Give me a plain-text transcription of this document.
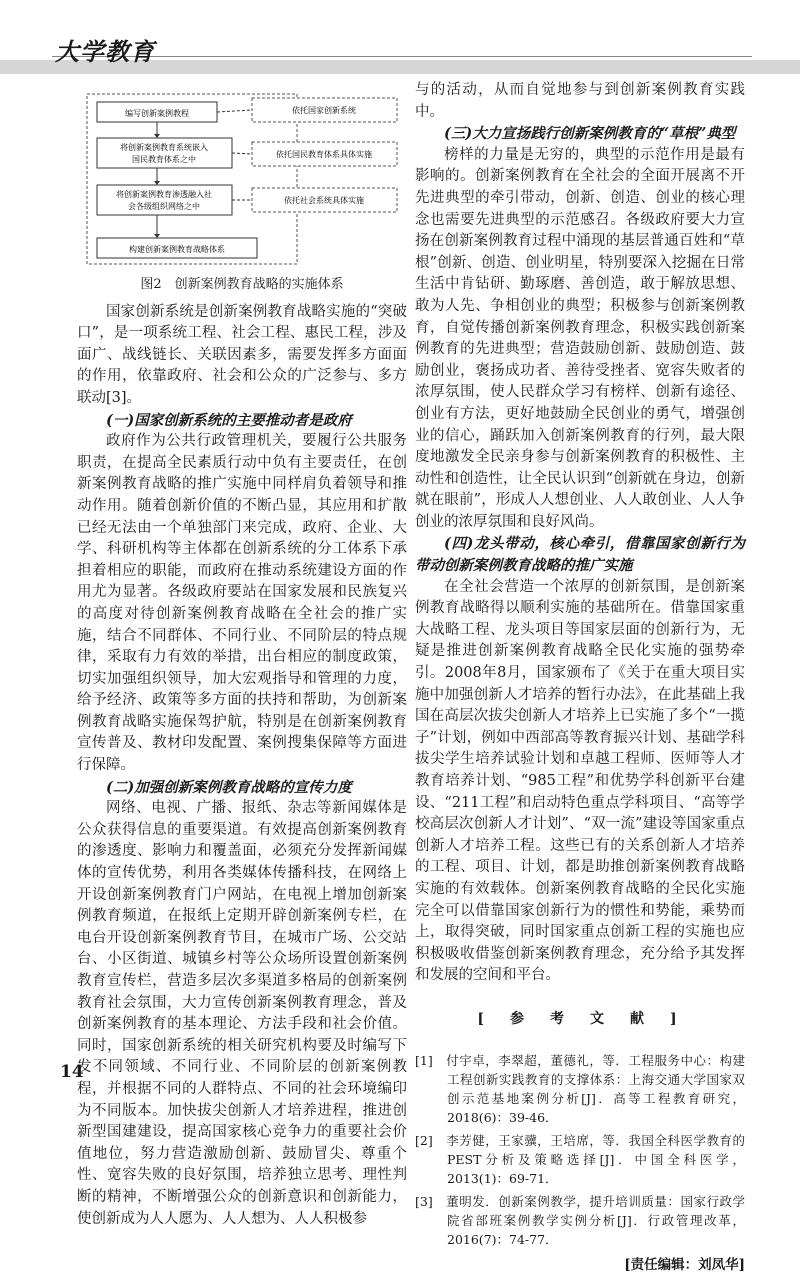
大学教育
编写创新案例教程
将创新案例教育系统嵌入
国民教育体系之中
将创新案例教育渗透融入社
会各级组织网络之中
构建创新案例教育战略体系
依托国家创新系统
依托国民教育体系具体实施
依托社会系统具体实施
图2　创新案例教育战略的实施体系

国家创新系统是创新案例教育战略实施的“突破口”，是一项系统工程、社会工程、惠民工程，涉及面广、战线链长、关联因素多，需要发挥多方面面的作用，依靠政府、社会和公众的广泛参与、多方联动[3]。

(一)国家创新系统的主要推动者是政府

政府作为公共行政管理机关，要履行公共服务职责，在提高全民素质行动中负有主要责任，在创新案例教育战略的推广实施中同样肩负着领导和推动作用。随着创新价值的不断凸显，其应用和扩散已经无法由一个单独部门来完成，政府、企业、大学、科研机构等主体都在创新系统的分工体系下承担着相应的职能，而政府在推动系统建设方面的作用尤为显著。各级政府要站在国家发展和民族复兴的高度对待创新案例教育战略在全社会的推广实施，结合不同群体、不同行业、不同阶层的特点规律，采取有力有效的举措，出台相应的制度政策，切实加强组织领导，加大宏观指导和管理的力度，给予经济、政策等多方面的扶持和帮助，为创新案例教育战略实施保驾护航，特别是在创新案例教育宣传普及、教材印发配置、案例搜集保障等方面进行保障。

(二)加强创新案例教育战略的宣传力度

网络、电视、广播、报纸、杂志等新闻媒体是公众获得信息的重要渠道。有效提高创新案例教育的渗透度、影响力和覆盖面，必须充分发挥新闻媒体的宣传优势，利用各类媒体传播科技，在网络上开设创新案例教育门户网站，在电视上增加创新案例教育频道，在报纸上定期开辟创新案例专栏，在电台开设创新案例教育节目，在城市广场、公交站台、小区街道、城镇乡村等公众场所设置创新案例教育宣传栏，营造多层次多渠道多格局的创新案例教育社会氛围，大力宣传创新案例教育理念，普及创新案例教育的基本理论、方法手段和社会价值。同时，国家创新系统的相关研究机构要及时编写下发不同领域、不同行业、不同阶层的创新案例教程，并根据不同的人群特点、不同的社会环境编印为不同版本。加快拔尖创新人才培养进程，推进创新型国建建设，提高国家核心竞争力的重要社会价值地位，努力营造激励创新、鼓励冒尖、尊重个性、宽容失败的良好氛围，培养独立思考、理性判断的精神，不断增强公众的创新意识和创新能力，使创新成为人人愿为、人人想为、人人积极参

与的活动，从而自觉地参与到创新案例教育实践中。

(三)大力宣扬践行创新案例教育的“草根”典型

榜样的力量是无穷的，典型的示范作用是最有影响的。创新案例教育在全社会的全面开展离不开先进典型的牵引带动，创新、创造、创业的核心理念也需要先进典型的示范感召。各级政府要大力宣扬在创新案例教育过程中涌现的基层普通百姓和“草根”创新、创造、创业明星，特别要深入挖掘在日常生活中肯钻研、勤琢磨、善创造，敢于解放思想、敢为人先、争相创业的典型；积极参与创新案例教育，自觉传播创新案例教育理念，积极实践创新案例教育的先进典型；营造鼓励创新、鼓励创造、鼓励创业，褒扬成功者、善待受挫者、宽容失败者的浓厚氛围，使人民群众学习有榜样、创新有途径、创业有方法，更好地鼓励全民创业的勇气，增强创业的信心，踊跃加入创新案例教育的行列，最大限度地激发全民亲身参与创新案例教育的积极性、主动性和创造性，让全民认识到“创新就在身边，创新就在眼前”，形成人人想创业、人人敢创业、人人争创业的浓厚氛围和良好风尚。

(四)龙头带动，核心牵引，借靠国家创新行为带动创新案例教育战略的推广实施

在全社会营造一个浓厚的创新氛围，是创新案例教育战略得以顺利实施的基础所在。借靠国家重大战略工程、龙头项目等国家层面的创新行为，无疑是推进创新案例教育战略全民化实施的强势牵引。2008年8月，国家颁布了《关于在重大项目实施中加强创新人才培养的暂行办法》，在此基础上我国在高层次拔尖创新人才培养上已实施了多个“一揽子”计划，例如中西部高等教育振兴计划、基础学科拔尖学生培养试验计划和卓越工程师、医师等人才教育培养计划、“985工程”和优势学科创新平台建设、“211工程”和启动特色重点学科项目、“高等学校高层次创新人才计划”、“双一流”建设等国家重点创新人才培养工程。这些已有的关系创新人才培养的工程、项目、计划，都是助推创新案例教育战略实施的有效载体。创新案例教育战略的全民化实施完全可以借靠国家创新行为的惯性和势能，乘势而上，取得突破，同时国家重点创新工程的实施也应积极吸收借鉴创新案例教育理念，充分给予其发挥和发展的空间和平台。

[　参　考　文　献　]

[1]　付宇卓，李翠超，董德礼，等．工程服务中心：构建工程创新实践教育的支撑体系：上海交通大学国家双创示范基地案例分析[J]．高等工程教育研究，2018(6)：39-46．

[2]　李芳健，王家骥，王培席，等．我国全科医学教育的PEST分析及策略选择[J]．中国全科医学，2013(1)：69-71．

[3]　董明发．创新案例教学，提升培训质量：国家行政学院省部班案例教学实例分析[J]．行政管理改革，2016(7)：74-77．

[责任编辑：刘凤华]
14
